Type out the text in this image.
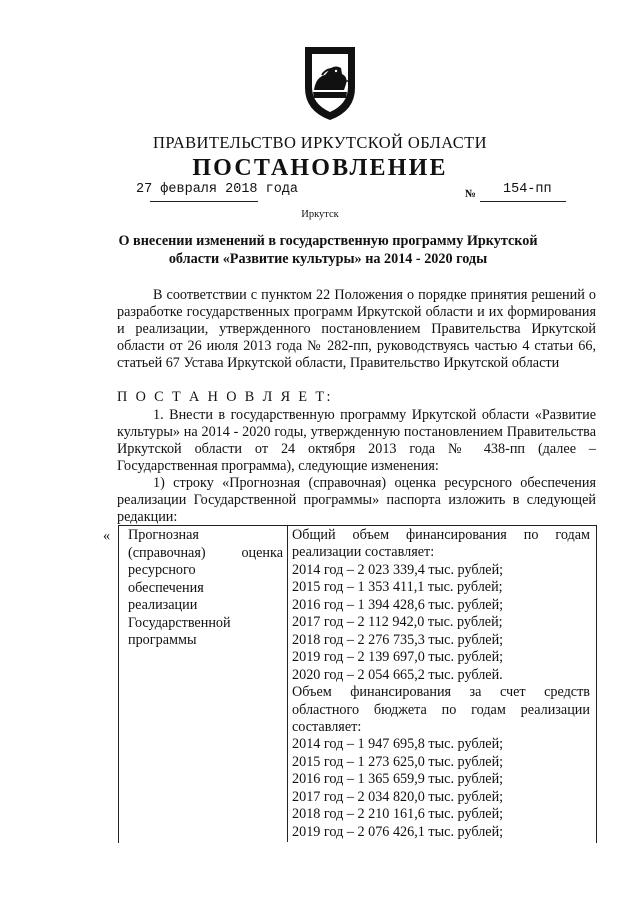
ПРАВИТЕЛЬСТВО ИРКУТСКОЙ ОБЛАСТИ
ПОСТАНОВЛЕНИЕ
27 февраля 2018 года	№ 154-пп
Иркутск
О внесении изменений в государственную программу Иркутской
области «Развитие культуры» на 2014 - 2020 годы
В соответствии с пунктом 22 Положения о порядке принятия решений о разработке государственных программ Иркутской области и их формирования и реализации, утвержденного постановлением Правительства Иркутской области от 26 июля 2013 года № 282-пп, руководствуясь частью 4 статьи 66, статьей 67 Устава Иркутской области, Правительство Иркутской области
П О С Т А Н О В Л Я Е Т:
1. Внести в государственную программу Иркутской области «Развитие культуры» на 2014 - 2020 годы, утвержденную постановлением Правительства Иркутской области от 24 октября 2013 года № 438-пп (далее – Государственная программа), следующие изменения:
1) строку «Прогнозная (справочная) оценка ресурсного обеспечения реализации Государственной программы» паспорта изложить в следующей редакции:
« Прогнозная
(справочная)	оценка
ресурсного
обеспечения
реализации
Государственной
программы
Общий объем финансирования по годам
реализации составляет:
2014 год – 2 023 339,4 тыс. рублей;
2015 год – 1 353 411,1 тыс. рублей;
2016 год – 1 394 428,6 тыс. рублей;
2017 год – 2 112 942,0 тыс. рублей;
2018 год – 2 276 735,3 тыс. рублей;
2019 год – 2 139 697,0 тыс. рублей;
2020 год – 2 054 665,2 тыс. рублей.
Объем финансирования за счет средств
областного бюджета по годам реализации
составляет:
2014 год – 1 947 695,8 тыс. рублей;
2015 год – 1 273 625,0 тыс. рублей;
2016 год – 1 365 659,9 тыс. рублей;
2017 год – 2 034 820,0 тыс. рублей;
2018 год – 2 210 161,6 тыс. рублей;
2019 год – 2 076 426,1 тыс. рублей;
